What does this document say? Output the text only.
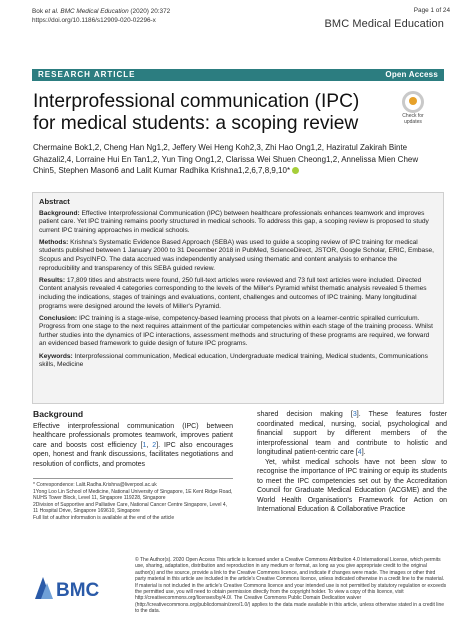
Bok et al. BMC Medical Education (2020) 20:372
https://doi.org/10.1186/s12909-020-02296-x
Page 1 of 24
BMC Medical Education
RESEARCH ARTICLE	Open Access
Interprofessional communication (IPC) for medical students: a scoping review	Check for
updates
Chermaine Bok1,2, Cheng Han Ng1,2, Jeffery Wei Heng Koh2,3, Zhi Hao Ong1,2, Haziratul Zakirah Binte Ghazali2,4, Lorraine Hui En Tan1,2, Yun Ting Ong1,2, Clarissa Wei Shuen Cheong1,2, Annelissa Mien Chew Chin5, Stephen Mason6 and Lalit Kumar Radhika Krishna1,2,6,7,8,9,10*
Abstract

Background: Effective Interprofessional Communication (IPC) between healthcare professionals enhances teamwork and improves patient care. Yet IPC training remains poorly structured in medical schools. To address this gap, a scoping review is proposed to study current IPC training approaches in medical schools.

Methods: Krishna's Systematic Evidence Based Approach (SEBA) was used to guide a scoping review of IPC training for medical students published between 1 January 2000 to 31 December 2018 in PubMed, ScienceDirect, JSTOR, Google Scholar, ERIC, Embase, Scopus and PsycINFO. The data accrued was independently analysed using thematic and content analysis to enhance the reproducibility and transparency of this SEBA guided review.

Results: 17,809 titles and abstracts were found, 250 full-text articles were reviewed and 73 full text articles were included. Directed Content analysis revealed 4 categories corresponding to the levels of the Miller's Pyramid whilst thematic analysis revealed 5 themes including the indications, stages of trainings and evaluations, content, challenges and outcomes of IPC training. Many longitudinal programs were designed around the levels of Miller's Pyramid.

Conclusion: IPC training is a stage-wise, competency-based learning process that pivots on a learner-centric spiralled curriculum. Progress from one stage to the next requires attainment of the particular competencies within each stage of the training process. Whilst further studies into the dynamics of IPC interactions, assessment methods and structuring of these programs are required, we forward an evidenced based framework to guide design of future IPC programs.

Keywords: Interprofessional communication, Medical education, Undergraduate medical training, Medical students, Communications skills, Medicine

Background

Effective interprofessional communication (IPC) between healthcare professionals promotes teamwork, improves patient care and boosts cost efficiency [1, 2]. IPC also encourages open, honest and frank discussions, facilitates negotiations and resolution of conflicts, and promotes

shared decision making [3]. These features foster coordinated medical, nursing, social, psychological and financial support by different members of the interprofessional team and contribute to holistic and longitudinal patient-centric care [4].

Yet, whilst medical schools have not been slow to recognise the importance of IPC training or equip its students to meet the IPC competencies set out by the Accreditation Council for Graduate Medical Education (ACGME) and the World Health Organisation's Framework for Action on International Education & Collaborative Practice

* Correspondence: Lalit.Radha.Krishna@liverpool.ac.uk
1Yong Loo Lin School of Medicine, National University of Singapore, 1E Kent Ridge Road, NUHS Tower Block, Level 11, Singapore 119228, Singapore
2Division of Supportive and Palliative Care, National Cancer Centre Singapore, Level 4, 11 Hospital Drive, Singapore 169610, Singapore
Full list of author information is available at the end of the article
BMC
© The Author(s). 2020 Open Access This article is licensed under a Creative Commons Attribution 4.0 International License, which permits use, sharing, adaptation, distribution and reproduction in any medium or format, as long as you give appropriate credit to the original author(s) and the source, provide a link to the Creative Commons licence, and indicate if changes were made. The images or other third party material in this article are included in the article's Creative Commons licence, unless indicated otherwise in a credit line to the material. If material is not included in the article's Creative Commons licence and your intended use is not permitted by statutory regulation or exceeds the permitted use, you will need to obtain permission directly from the copyright holder. To view a copy of this licence, visit http://creativecommons.org/licenses/by/4.0/. The Creative Commons Public Domain Dedication waiver (http://creativecommons.org/publicdomain/zero/1.0/) applies to the data made available in this article, unless otherwise stated in a credit line to the data.
